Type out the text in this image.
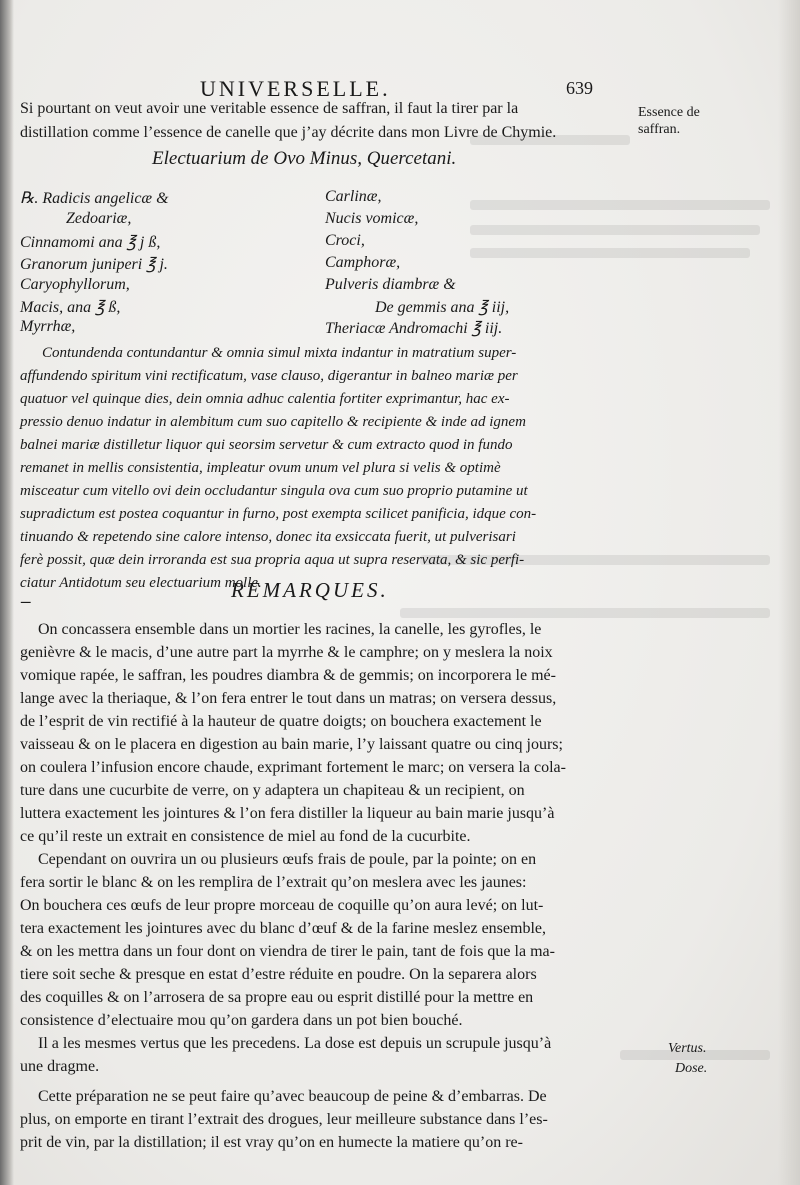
UNIVERSELLE.	639
Essence de
saffran.
Si pourtant on veut avoir une veritable essence de saffran, il faut la tirer par la
distillation comme l’essence de canelle que j’ay décrite dans mon Livre de Chymie.
Electuarium de Ovo Minus, Quercetani.
℞. Radicis angelicæ &
Zedoariæ,
Cinnamomi ana ℥ j ß,
Granorum juniperi ℥ j.
Caryophyllorum,
Macis, ana ℥ ß,
Myrrhæ,
Carlinæ,
Nucis vomicæ,
Croci,
Camphoræ,
Pulveris diambræ &
De gemmis ana ℥ iij,
Theriacæ Andromachi ℥ iij.
Contundenda contundantur & omnia simul mixta indantur in matratium super-
affundendo spiritum vini rectificatum, vase clauso, digerantur in balneo mariæ per
quatuor vel quinque dies, dein omnia adhuc calentia fortiter exprimantur, hac ex-
pressio denuo indatur in alembitum cum suo capitello & recipiente & inde ad ignem
balnei mariæ distilletur liquor qui seorsim servetur & cum extracto quod in fundo
remanet in mellis consistentia, impleatur ovum unum vel plura si velis & optimè
misceatur cum vitello ovi dein occludantur singula ova cum suo proprio putamine ut
supradictum est postea coquantur in furno, post exempta scilicet panificia, idque con-
tinuando & repetendo sine calore intenso, donec ita exsiccata fuerit, ut pulverisari
ferè possit, quæ dein irroranda est sua propria aqua ut supra reservata, & sic perfi-
ciatur Antidotum seu electuarium molle.
‒	REMARQUES.
On concassera ensemble dans un mortier les racines, la canelle, les gyrofles, le
genièvre & le macis, d’une autre part la myrrhe & le camphre; on y meslera la noix
vomique rapée, le saffran, les poudres diambra & de gemmis; on incorporera le mé-
lange avec la theriaque, & l’on fera entrer le tout dans un matras; on versera dessus,
de l’esprit de vin rectifié à la hauteur de quatre doigts; on bouchera exactement le
vaisseau & on le placera en digestion au bain marie, l’y laissant quatre ou cinq jours;
on coulera l’infusion encore chaude, exprimant fortement le marc; on versera la cola-
ture dans une cucurbite de verre, on y adaptera un chapiteau & un recipient, on
luttera exactement les jointures & l’on fera distiller la liqueur au bain marie jusqu’à
ce qu’il reste un extrait en consistence de miel au fond de la cucurbite.
Cependant on ouvrira un ou plusieurs œufs frais de poule, par la pointe; on en
fera sortir le blanc & on les remplira de l’extrait qu’on meslera avec les jaunes:
On bouchera ces œufs de leur propre morceau de coquille qu’on aura levé; on lut-
tera exactement les jointures avec du blanc d’œuf & de la farine meslez ensemble,
& on les mettra dans un four dont on viendra de tirer le pain, tant de fois que la ma-
tiere soit seche & presque en estat d’estre réduite en poudre. On la separera alors
des coquilles & on l’arrosera de sa propre eau ou esprit distillé pour la mettre en
consistence d’electuaire mou qu’on gardera dans un pot bien bouché.
Il a les mesmes vertus que les precedens. La dose est depuis un scrupule jusqu’à
une dragme.
Cette préparation ne se peut faire qu’avec beaucoup de peine & d’embarras. De
plus, on emporte en tirant l’extrait des drogues, leur meilleure substance dans l’es-
prit de vin, par la distillation; il est vray qu’on en humecte la matiere qu’on re-
Vertus.
Dose.
